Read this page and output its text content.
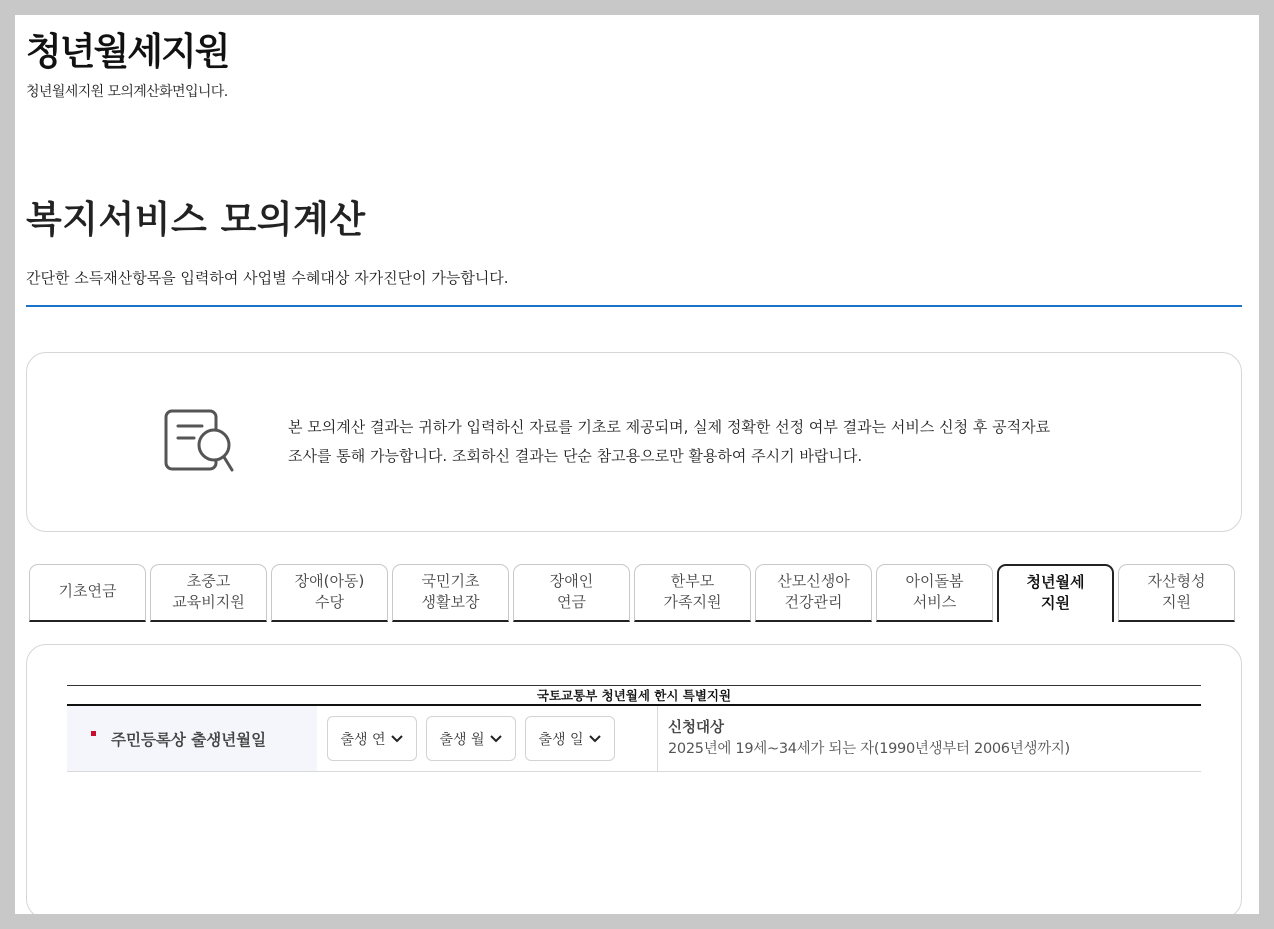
청년월세지원
청년월세지원 모의계산화면입니다.
복지서비스 모의계산
간단한 소득재산항목을 입력하여 사업별 수혜대상 자가진단이 가능합니다.
본 모의계산 결과는 귀하가 입력하신 자료를 기초로 제공되며, 실제 정확한 선정 여부 결과는 서비스 신청 후 공적자료
조사를 통해 가능합니다. 조회하신 결과는 단순 참고용으로만 활용하여 주시기 바랍니다.
기초연금
초중고
교육비지원
장애(아동)
수당
국민기초
생활보장
장애인
연금
한부모
가족지원
산모신생아
건강관리
아이돌봄
서비스
청년월세
지원
자산형성
지원
국토교통부 청년월세 한시 특별지원
주민등록상 출생년월일	출생 연	출생 월	출생 일
신청대상
2025년에 19세~34세가 되는 자(1990년생부터 2006년생까지)
